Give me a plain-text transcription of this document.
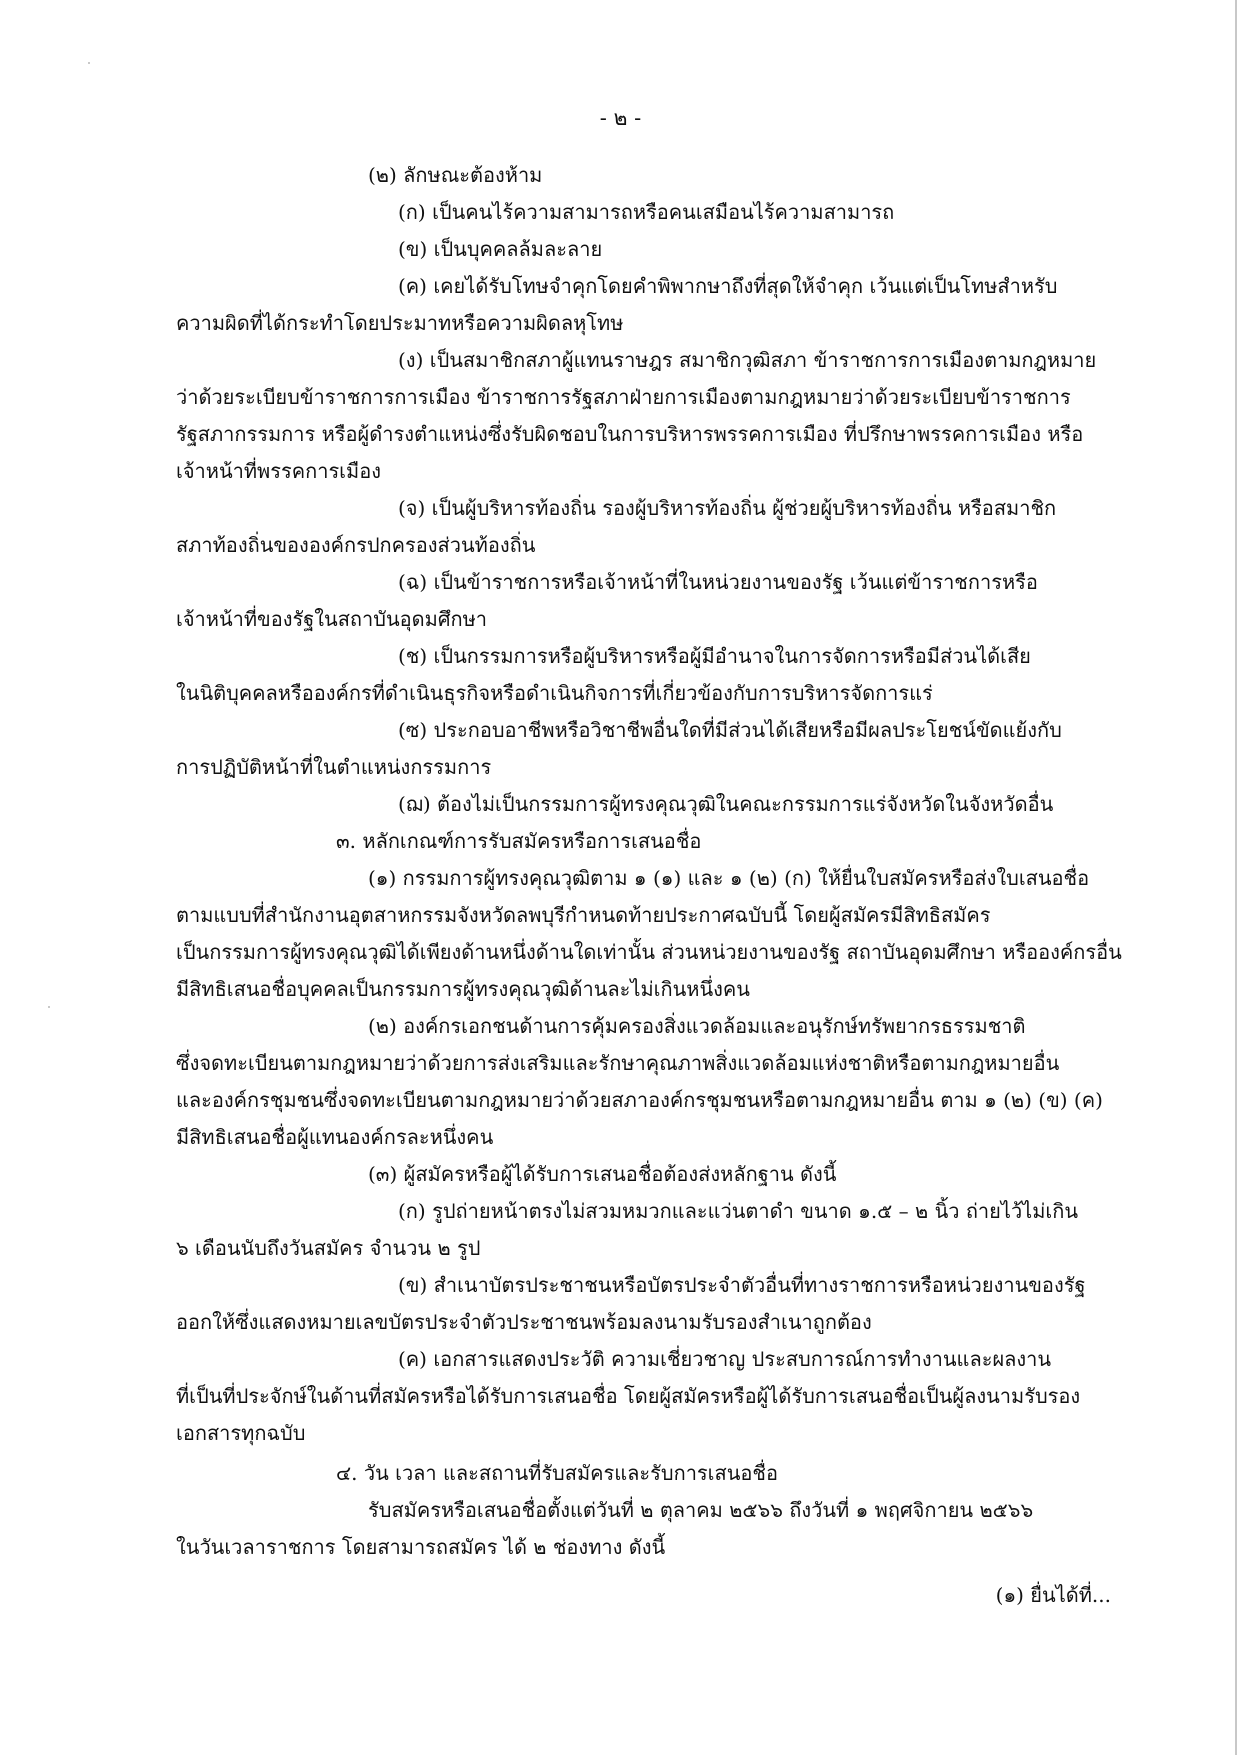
- ๒ -
(๒) ลักษณะต้องห้าม
(ก) เป็นคนไร้ความสามารถหรือคนเสมือนไร้ความสามารถ
(ข) เป็นบุคคลล้มละลาย
(ค) เคยได้รับโทษจำคุกโดยคำพิพากษาถึงที่สุดให้จำคุก เว้นแต่เป็นโทษสำหรับ
ความผิดที่ได้กระทำโดยประมาทหรือความผิดลหุโทษ
(ง) เป็นสมาชิกสภาผู้แทนราษฎร สมาชิกวุฒิสภา ข้าราชการการเมืองตามกฎหมาย
ว่าด้วยระเบียบข้าราชการการเมือง ข้าราชการรัฐสภาฝ่ายการเมืองตามกฎหมายว่าด้วยระเบียบข้าราชการ
รัฐสภากรรมการ หรือผู้ดำรงตำแหน่งซึ่งรับผิดชอบในการบริหารพรรคการเมือง ที่ปรึกษาพรรคการเมือง หรือ
เจ้าหน้าที่พรรคการเมือง
(จ) เป็นผู้บริหารท้องถิ่น รองผู้บริหารท้องถิ่น ผู้ช่วยผู้บริหารท้องถิ่น หรือสมาชิก
สภาท้องถิ่นขององค์กรปกครองส่วนท้องถิ่น
(ฉ) เป็นข้าราชการหรือเจ้าหน้าที่ในหน่วยงานของรัฐ เว้นแต่ข้าราชการหรือ
เจ้าหน้าที่ของรัฐในสถาบันอุดมศึกษา
(ช) เป็นกรรมการหรือผู้บริหารหรือผู้มีอำนาจในการจัดการหรือมีส่วนได้เสีย
ในนิติบุคคลหรือองค์กรที่ดำเนินธุรกิจหรือดำเนินกิจการที่เกี่ยวข้องกับการบริหารจัดการแร่
(ซ) ประกอบอาชีพหรือวิชาชีพอื่นใดที่มีส่วนได้เสียหรือมีผลประโยชน์ขัดแย้งกับ
การปฏิบัติหน้าที่ในตำแหน่งกรรมการ
(ฌ) ต้องไม่เป็นกรรมการผู้ทรงคุณวุฒิในคณะกรรมการแร่จังหวัดในจังหวัดอื่น
๓. หลักเกณฑ์การรับสมัครหรือการเสนอชื่อ
(๑) กรรมการผู้ทรงคุณวุฒิตาม ๑ (๑) และ ๑ (๒) (ก) ให้ยื่นใบสมัครหรือส่งใบเสนอชื่อ
ตามแบบที่สำนักงานอุตสาหกรรมจังหวัดลพบุรีกำหนดท้ายประกาศฉบับนี้ โดยผู้สมัครมีสิทธิสมัคร
เป็นกรรมการผู้ทรงคุณวุฒิได้เพียงด้านหนึ่งด้านใดเท่านั้น ส่วนหน่วยงานของรัฐ สถาบันอุดมศึกษา หรือองค์กรอื่น
มีสิทธิเสนอชื่อบุคคลเป็นกรรมการผู้ทรงคุณวุฒิด้านละไม่เกินหนึ่งคน
(๒) องค์กรเอกชนด้านการคุ้มครองสิ่งแวดล้อมและอนุรักษ์ทรัพยากรธรรมชาติ
ซึ่งจดทะเบียนตามกฎหมายว่าด้วยการส่งเสริมและรักษาคุณภาพสิ่งแวดล้อมแห่งชาติหรือตามกฎหมายอื่น
และองค์กรชุมชนซึ่งจดทะเบียนตามกฎหมายว่าด้วยสภาองค์กรชุมชนหรือตามกฎหมายอื่น ตาม ๑ (๒) (ข) (ค)
มีสิทธิเสนอชื่อผู้แทนองค์กรละหนึ่งคน
(๓) ผู้สมัครหรือผู้ได้รับการเสนอชื่อต้องส่งหลักฐาน ดังนี้
(ก) รูปถ่ายหน้าตรงไม่สวมหมวกและแว่นตาดำ ขนาด ๑.๕ – ๒ นิ้ว ถ่ายไว้ไม่เกิน
๖ เดือนนับถึงวันสมัคร จำนวน ๒ รูป
(ข) สำเนาบัตรประชาชนหรือบัตรประจำตัวอื่นที่ทางราชการหรือหน่วยงานของรัฐ
ออกให้ซึ่งแสดงหมายเลขบัตรประจำตัวประชาชนพร้อมลงนามรับรองสำเนาถูกต้อง
(ค) เอกสารแสดงประวัติ ความเชี่ยวชาญ ประสบการณ์การทำงานและผลงาน
ที่เป็นที่ประจักษ์ในด้านที่สมัครหรือได้รับการเสนอชื่อ โดยผู้สมัครหรือผู้ได้รับการเสนอชื่อเป็นผู้ลงนามรับรอง
เอกสารทุกฉบับ
๔. วัน เวลา และสถานที่รับสมัครและรับการเสนอชื่อ
รับสมัครหรือเสนอชื่อตั้งแต่วันที่ ๒ ตุลาคม ๒๕๖๖ ถึงวันที่ ๑ พฤศจิกายน ๒๕๖๖
ในวันเวลาราชการ โดยสามารถสมัคร ได้ ๒ ช่องทาง ดังนี้
(๑) ยื่นได้ที่...
